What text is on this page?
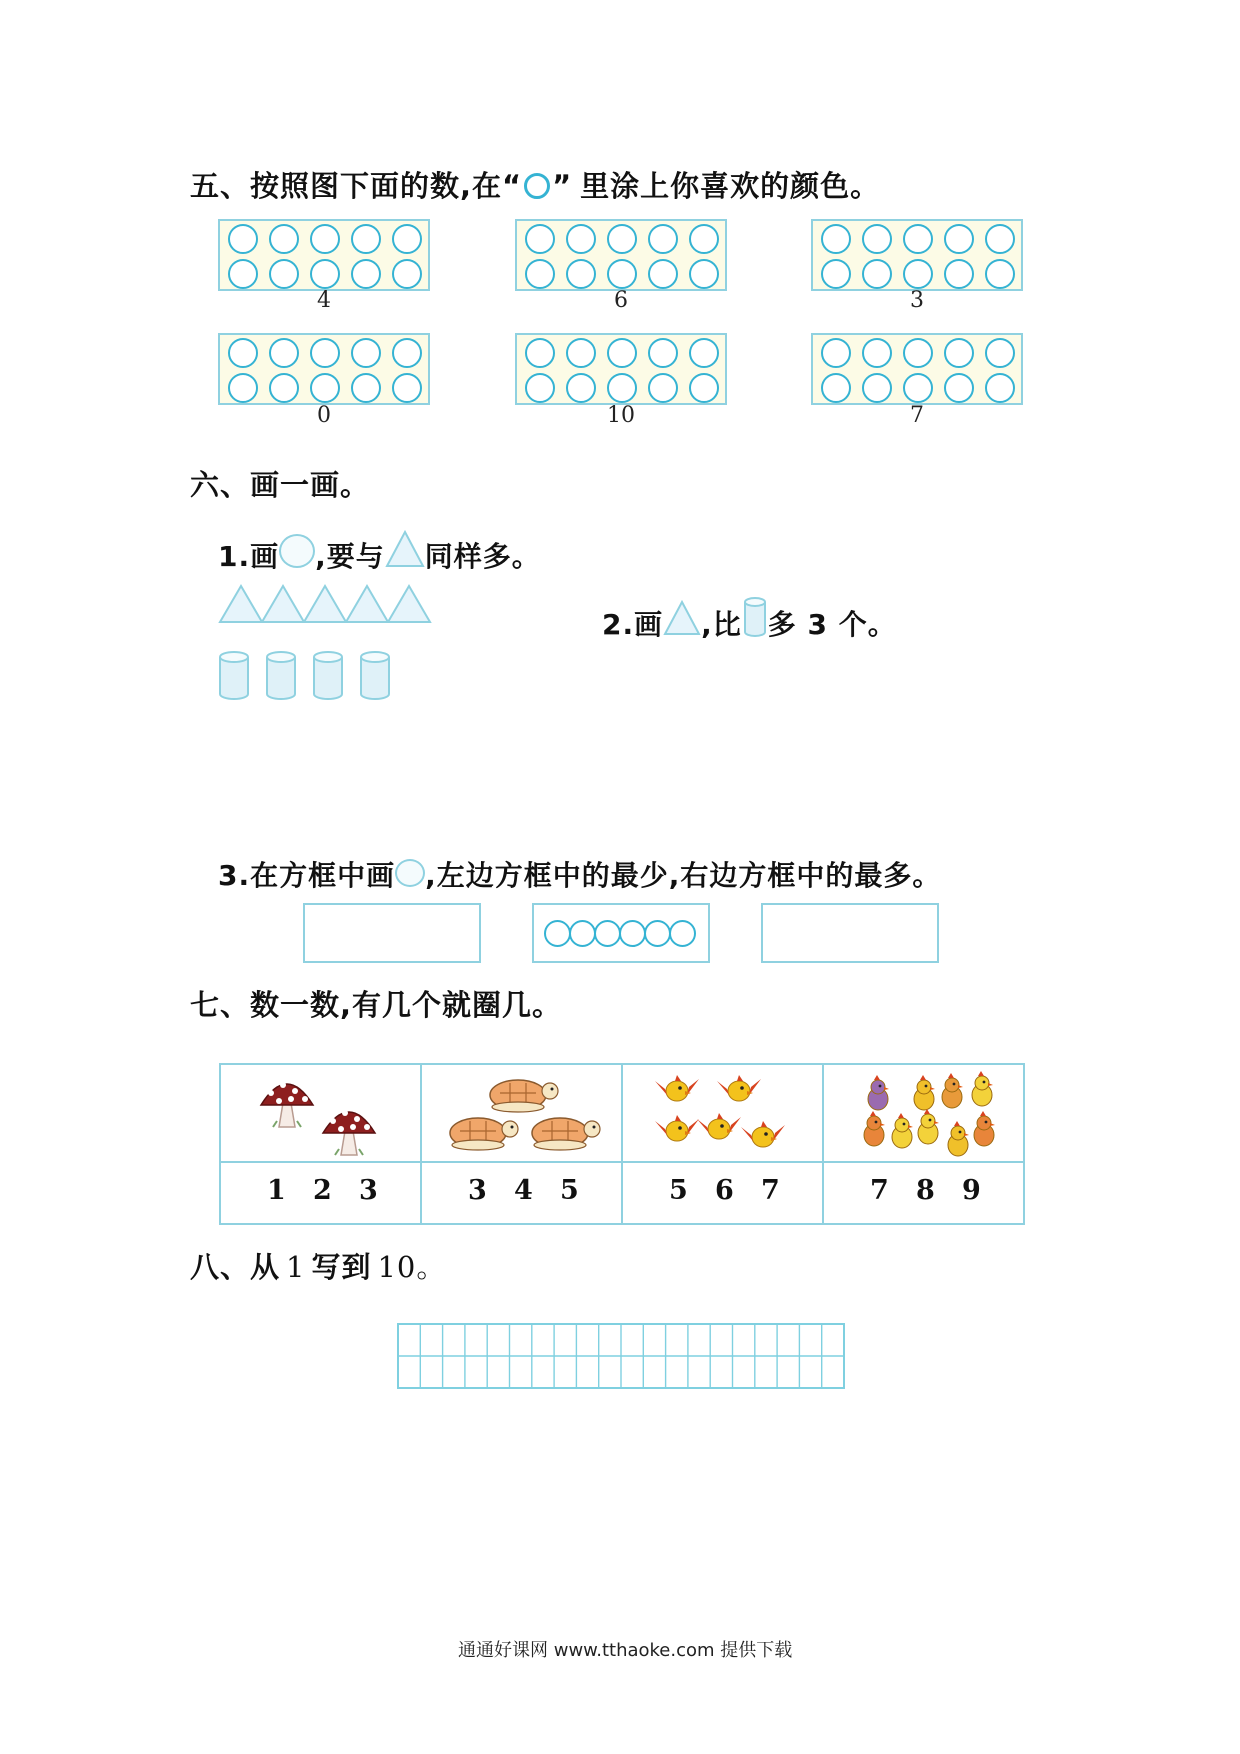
五、按照图下面的数,在“ ” 里涂上你喜欢的颜色。
4	6	3
0	10	7
六、画一画。
1.画 ,要与 同样多。
2.画 ,比 多 3 个。
3.在方框中画 ,左边方框中的最少,右边方框中的最多。
七、数一数,有几个就圈几。
1 2 3	3 4 5	5 6 7	7 8 9
八、从 1 写到 10。
通通好课网 www.tthaoke.com 提供下载
